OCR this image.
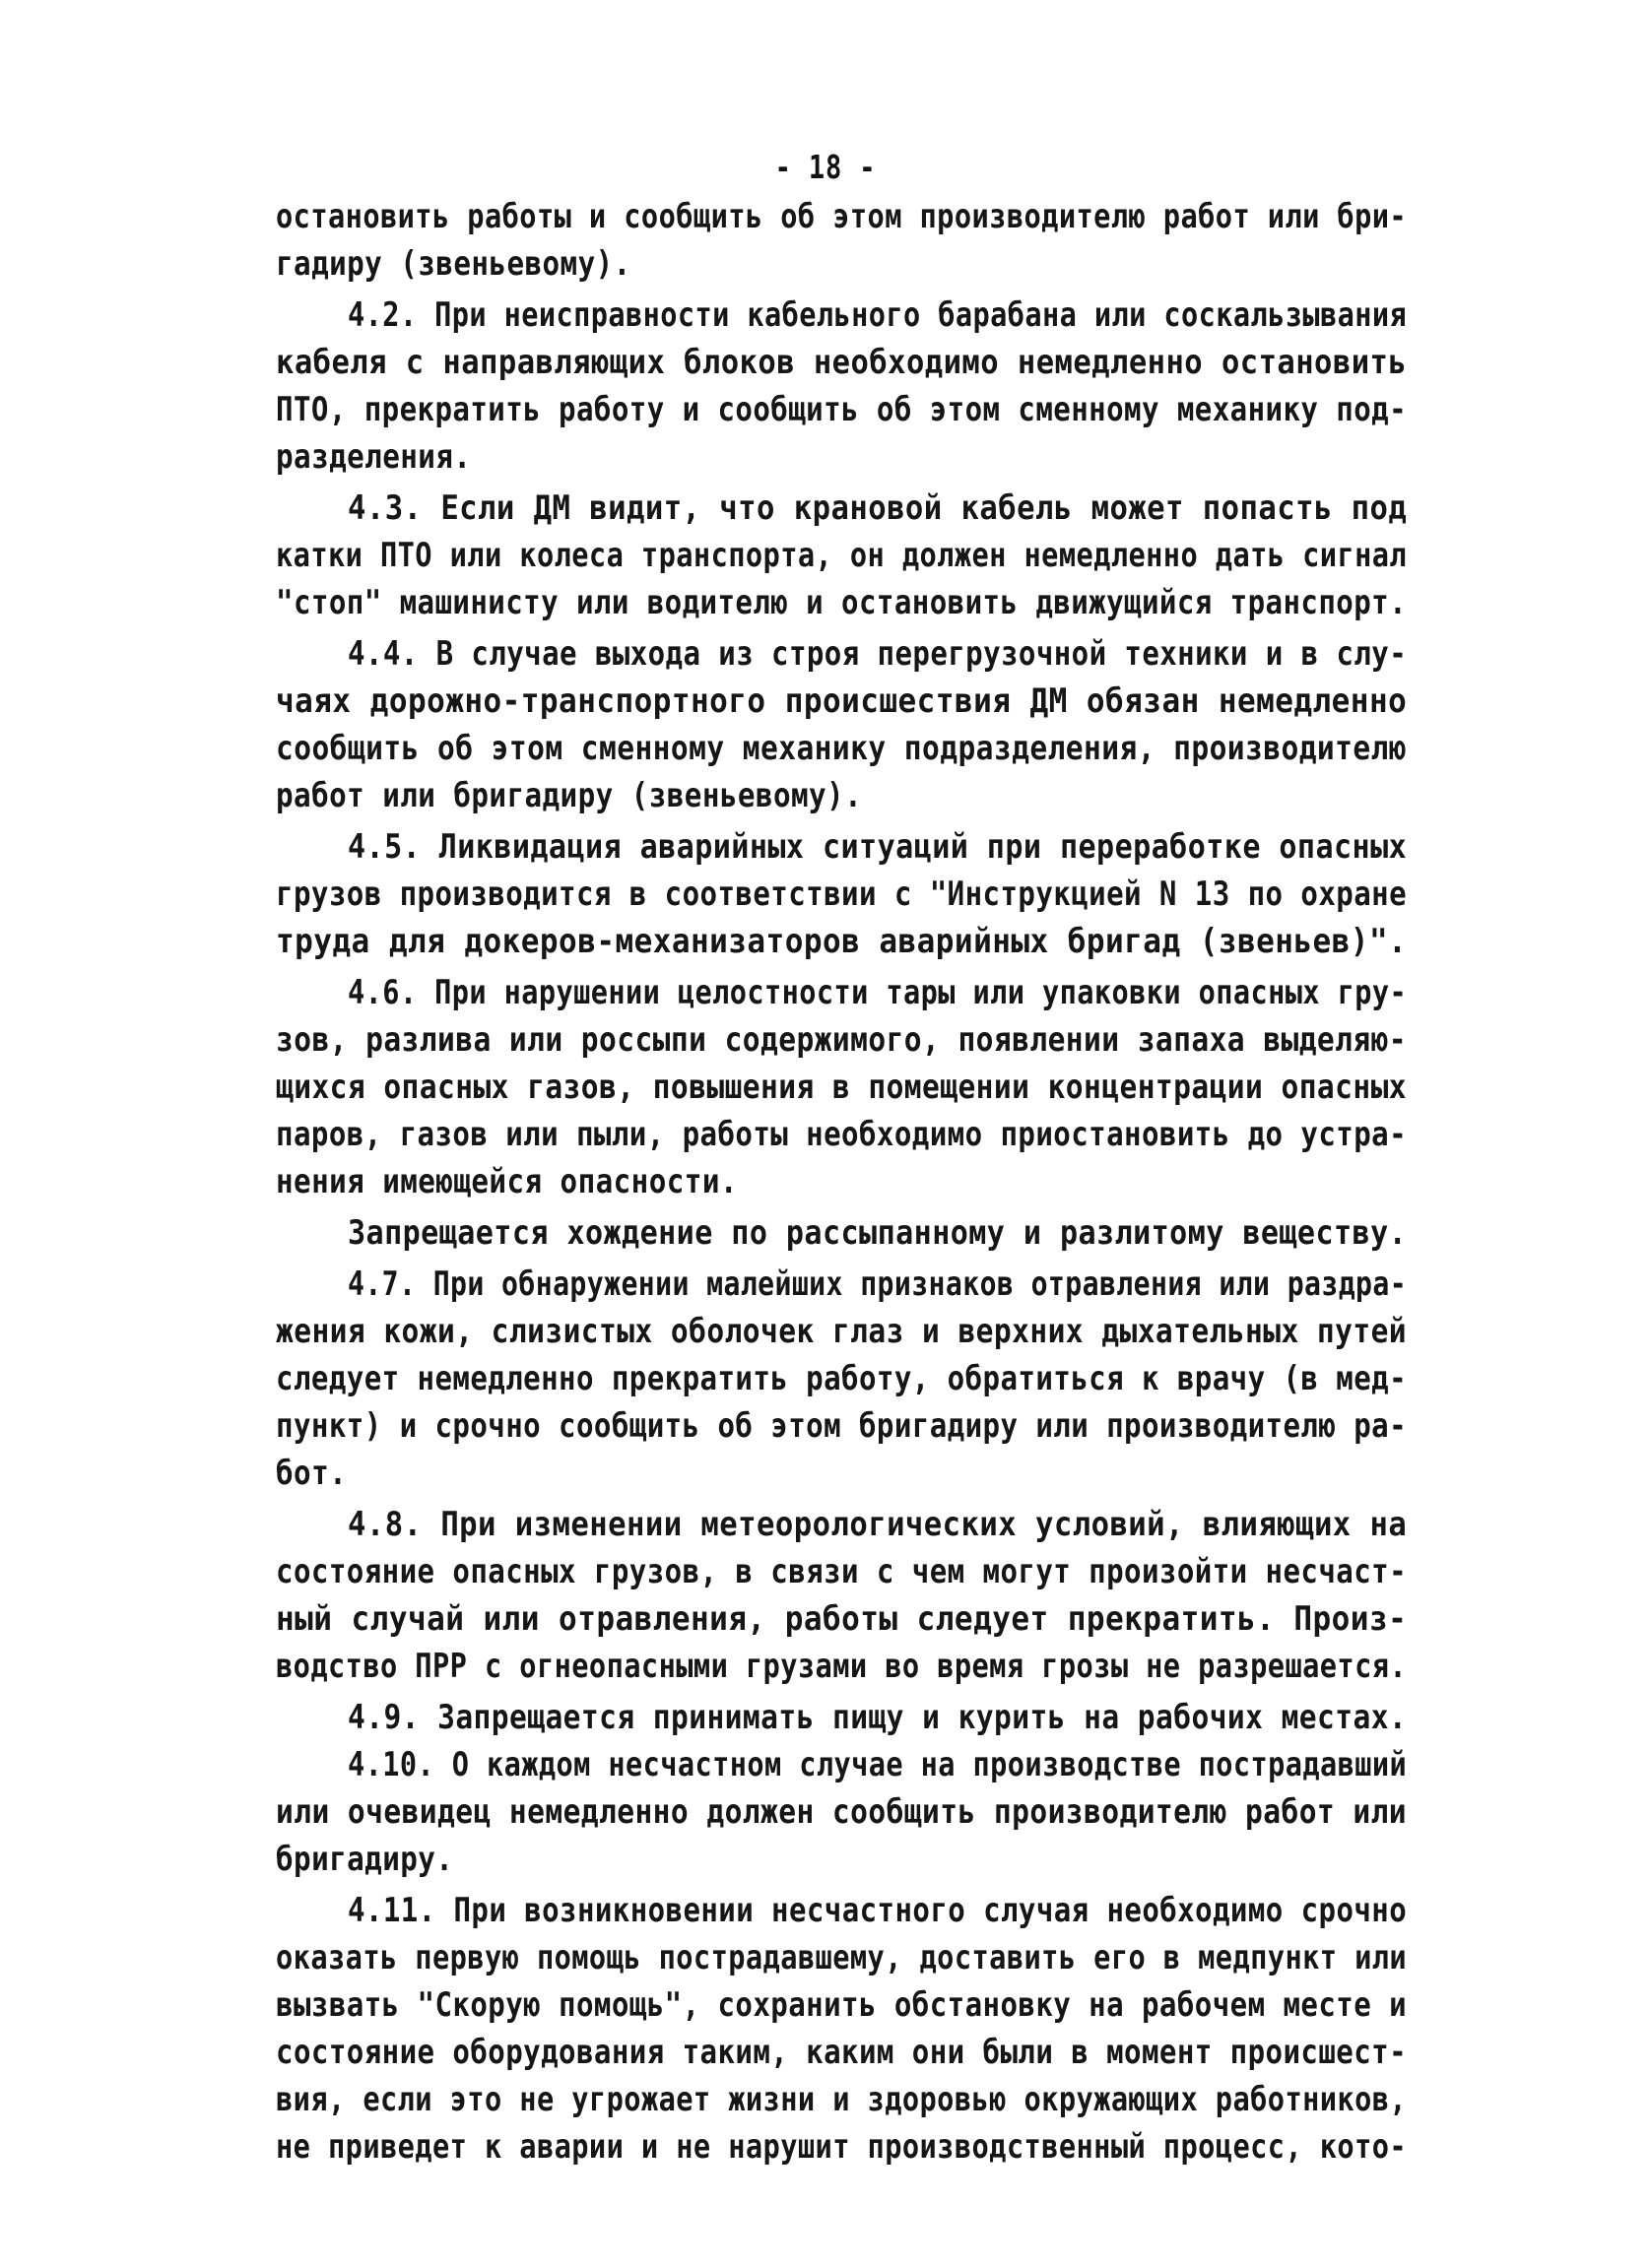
- 18 -
остановить работы и сообщить об этом производителю работ или бри-
гадиру (звеньевому).
4.2. При неисправности кабельного барабана или соскальзывания
кабеля с направляющих блоков необходимо немедленно остановить
ПТО, прекратить работу и сообщить об этом сменному механику под-
разделения.
4.3. Если ДМ видит, что крановой кабель может попасть под
катки ПТО или колеса транспорта, он должен немедленно дать сигнал
"стоп" машинисту или водителю и остановить движущийся транспорт.
4.4. В случае выхода из строя перегрузочной техники и в слу-
чаях дорожно-транспортного происшествия ДМ обязан немедленно
сообщить об этом сменному механику подразделения, производителю
работ или бригадиру (звеньевому).
4.5. Ликвидация аварийных ситуаций при переработке опасных
грузов производится в соответствии с "Инструкцией N 13 по охране
труда для докеров-механизаторов аварийных бригад (звеньев)".
4.6. При нарушении целостности тары или упаковки опасных гру-
зов, разлива или россыпи содержимого, появлении запаха выделяю-
щихся опасных газов, повышения в помещении концентрации опасных
паров, газов или пыли, работы необходимо приостановить до устра-
нения имеющейся опасности.
Запрещается хождение по рассыпанному и разлитому веществу.
4.7. При обнаружении малейших признаков отравления или раздра-
жения кожи, слизистых оболочек глаз и верхних дыхательных путей
следует немедленно прекратить работу, обратиться к врачу (в мед-
пункт) и срочно сообщить об этом бригадиру или производителю ра-
бот.
4.8. При изменении метеорологических условий, влияющих на
состояние опасных грузов, в связи с чем могут произойти несчаст-
ный случай или отравления, работы следует прекратить. Произ-
водство ПРР с огнеопасными грузами во время грозы не разрешается.
4.9. Запрещается принимать пищу и курить на рабочих местах.
4.10. О каждом несчастном случае на производстве пострадавший
или очевидец немедленно должен сообщить производителю работ или
бригадиру.
4.11. При возникновении несчастного случая необходимо срочно
оказать первую помощь пострадавшему, доставить его в медпункт или
вызвать "Скорую помощь", сохранить обстановку на рабочем месте и
состояние оборудования таким, каким они были в момент происшест-
вия, если это не угрожает жизни и здоровью окружающих работников,
не приведет к аварии и не нарушит производственный процесс, кото-
